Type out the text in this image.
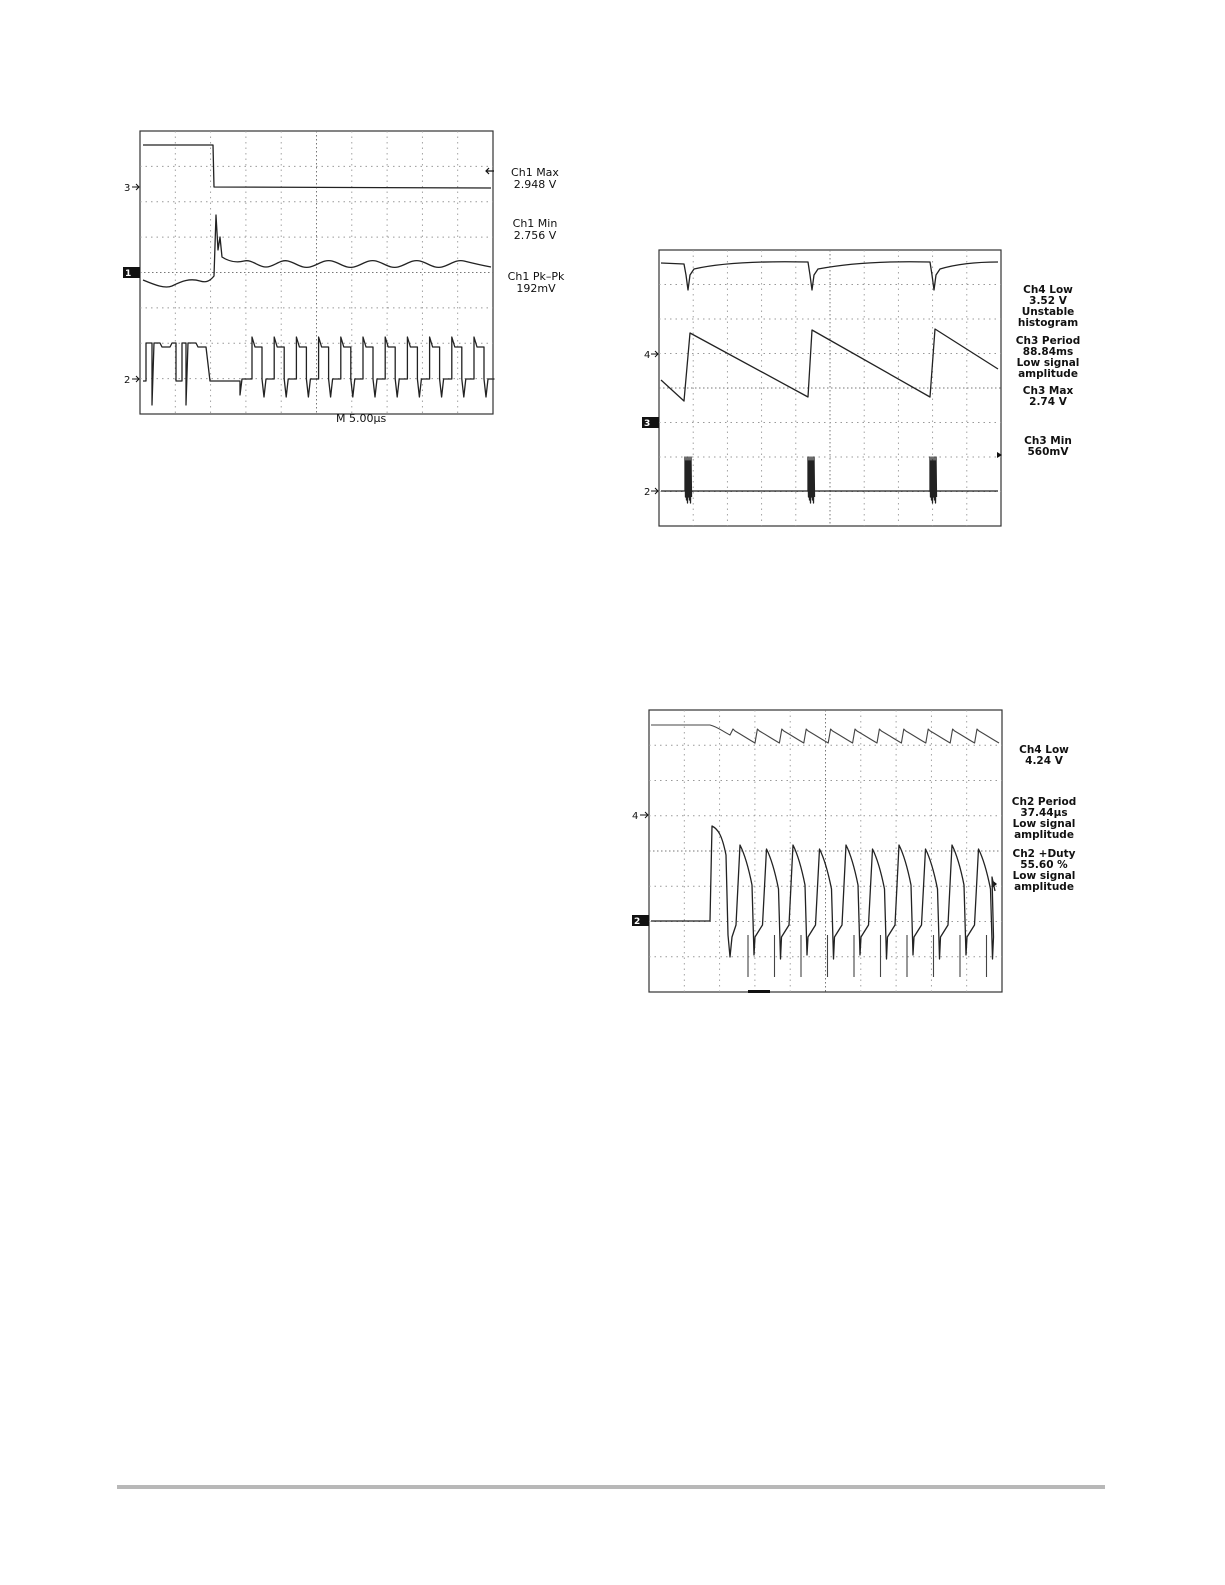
3
1
2
Ch1 Max
2.948 V
Ch1 Min
2.756 V
Ch1 Pk–Pk
192mV
M 5.00µs
4
3
2
Ch4 Low
3.52 V
Unstable
histogram
Ch3 Period
88.84ms
Low signal
amplitude
Ch3 Max
2.74 V
Ch3 Min
560mV
4
2
Ch4 Low
4.24 V
Ch2 Period
37.44µs
Low signal
amplitude
Ch2 +Duty
55.60 %
Low signal
amplitude
